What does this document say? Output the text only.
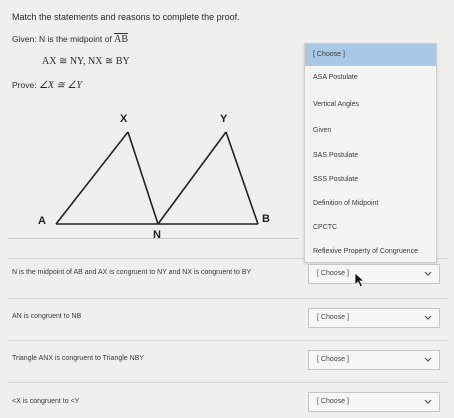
Match the statements and reasons to complete the proof.
Given: N is the midpoint of $\overline{AB}$
AX ≅ NY, NX ≅ BY
Prove: ∠X ≅ ∠Y
X	Y
A
N
B
[ Choose ]
ASA Postulate
Vertical Angles
Given
SAS Postulate
SSS Postulate
Definition of Midpoint
CPCTC
Reflexive Property of Congruence
N is the midpoint of AB and AX is congruent to NY and NX is congruent to BY	[ Choose ]
AN is congruent to NB	[ Choose ]
Triangle ANX is congruent to Triangle NBY	[ Choose ]
<X is congruent to <Y	[ Choose ]
